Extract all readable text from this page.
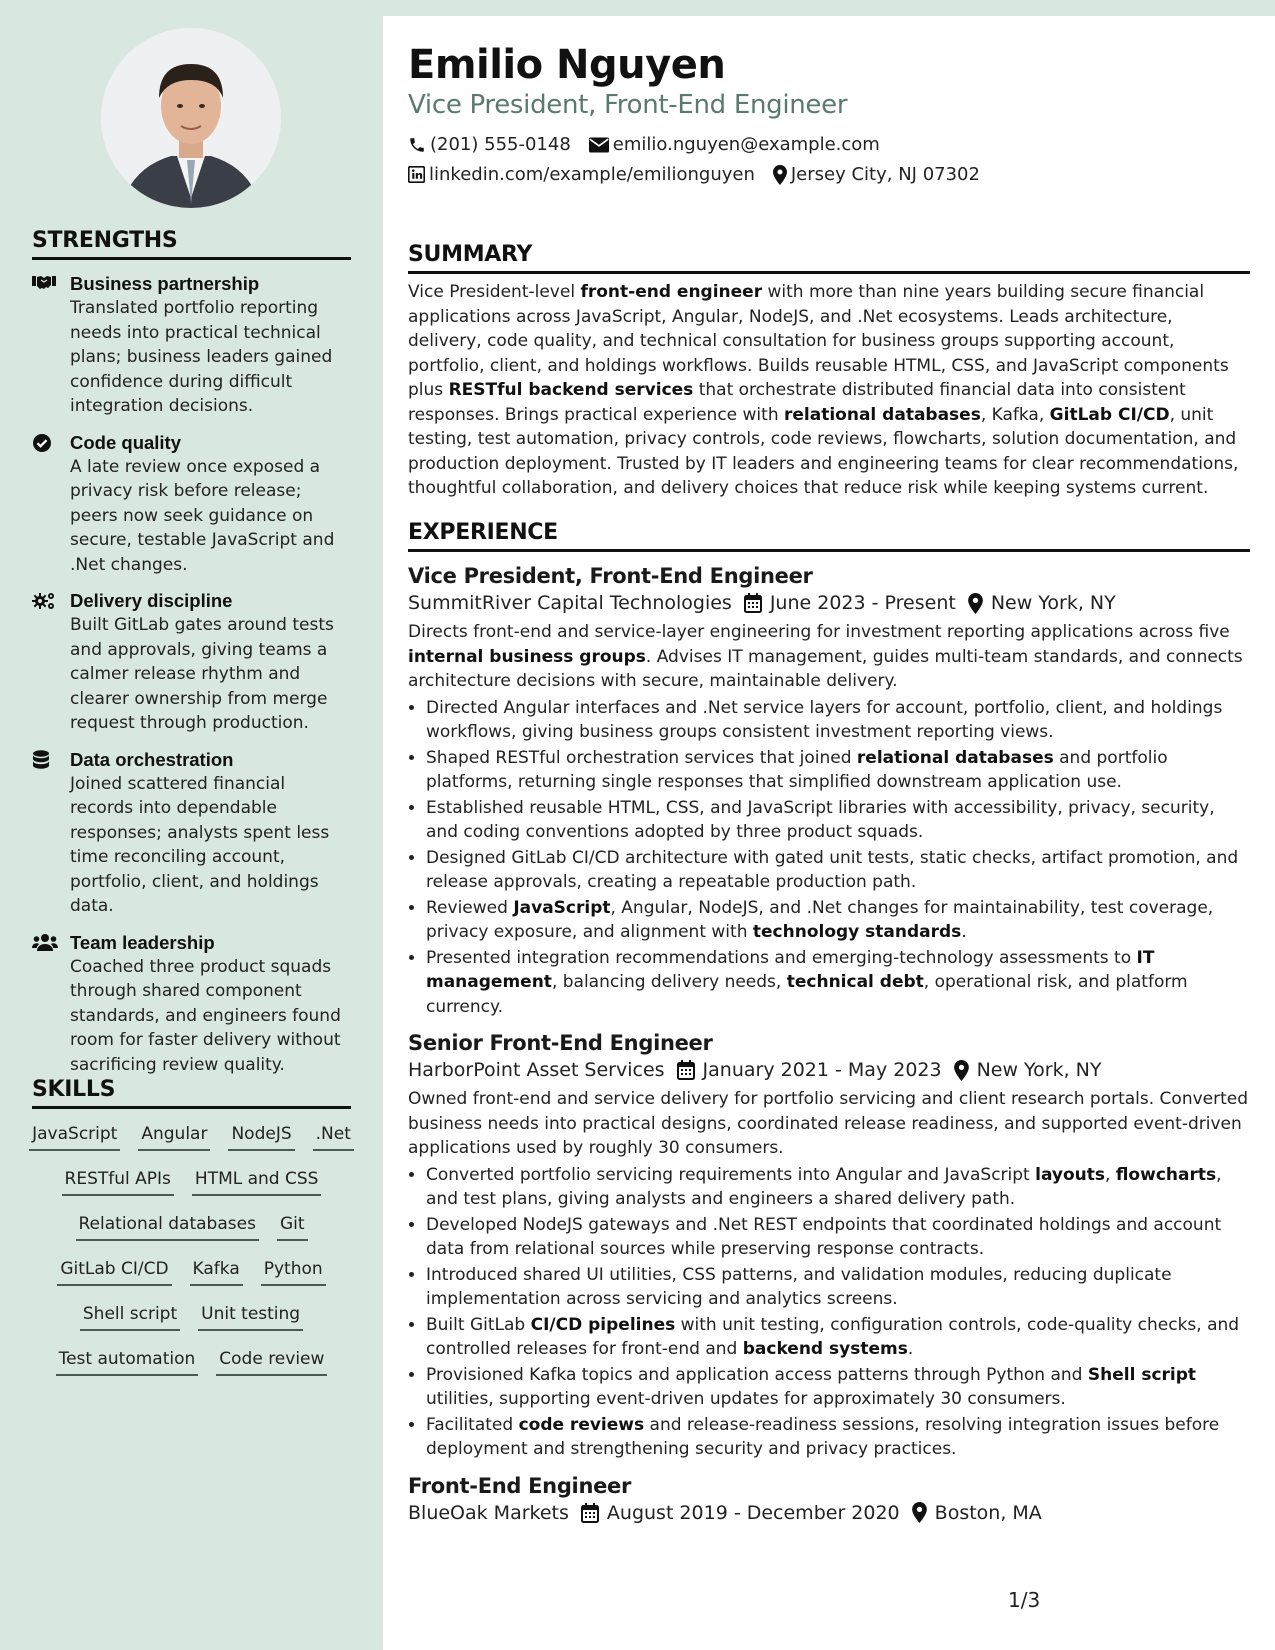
STRENGTHS
Business partnership
Translated portfolio reporting needs into practical technical plans; business leaders gained confidence during difficult integration decisions.
Code quality
A late review once exposed a privacy risk before release; peers now seek guidance on secure, testable JavaScript and .Net changes.
Delivery discipline
Built GitLab gates around tests and approvals, giving teams a calmer release rhythm and clearer ownership from merge request through production.
Data orchestration
Joined scattered financial records into dependable responses; analysts spent less time reconciling account, portfolio, client, and holdings data.
Team leadership
Coached three product squads through shared component standards, and engineers found room for faster delivery without sacrificing review quality.
SKILLS
JavaScript Angular NodeJS .Net
RESTful APIs HTML and CSS
Relational databases Git
GitLab CI/CD Kafka Python
Shell script Unit testing
Test automation Code review
Emilio Nguyen
Vice President, Front-End Engineer
(201) 555-0148 emilio.nguyen@example.com
linkedin.com/example/emilionguyen Jersey City, NJ 07302
SUMMARY

Vice President-level front-end engineer with more than nine years building secure financial applications across JavaScript, Angular, NodeJS, and .Net ecosystems. Leads architecture, delivery, code quality, and technical consultation for business groups supporting account, portfolio, client, and holdings workflows. Builds reusable HTML, CSS, and JavaScript components plus RESTful backend services that orchestrate distributed financial data into consistent responses. Brings practical experience with relational databases, Kafka, GitLab CI/CD, unit testing, test automation, privacy controls, code reviews, flowcharts, solution documentation, and production deployment. Trusted by IT leaders and engineering teams for clear recommendations, thoughtful collaboration, and delivery choices that reduce risk while keeping systems current.

EXPERIENCE
Vice President, Front-End Engineer
SummitRiver Capital Technologies June 2023 - Present New York, NY

Directs front-end and service-layer engineering for investment reporting applications across five internal business groups. Advises IT management, guides multi-team standards, and connects architecture decisions with secure, maintainable delivery.

• Directed Angular interfaces and .Net service layers for account, portfolio, client, and holdings workflows, giving business groups consistent investment reporting views.
• Shaped RESTful orchestration services that joined relational databases and portfolio platforms, returning single responses that simplified downstream application use.
• Established reusable HTML, CSS, and JavaScript libraries with accessibility, privacy, security, and coding conventions adopted by three product squads.
• Designed GitLab CI/CD architecture with gated unit tests, static checks, artifact promotion, and release approvals, creating a repeatable production path.
• Reviewed JavaScript, Angular, NodeJS, and .Net changes for maintainability, test coverage, privacy exposure, and alignment with technology standards.
• Presented integration recommendations and emerging-technology assessments to IT management, balancing delivery needs, technical debt, operational risk, and platform currency.
Senior Front-End Engineer
HarborPoint Asset Services January 2021 - May 2023 New York, NY

Owned front-end and service delivery for portfolio servicing and client research portals. Converted business needs into practical designs, coordinated release readiness, and supported event-driven applications used by roughly 30 consumers.

• Converted portfolio servicing requirements into Angular and JavaScript layouts, flowcharts, and test plans, giving analysts and engineers a shared delivery path.
• Developed NodeJS gateways and .Net REST endpoints that coordinated holdings and account data from relational sources while preserving response contracts.
• Introduced shared UI utilities, CSS patterns, and validation modules, reducing duplicate implementation across servicing and analytics screens.
• Built GitLab CI/CD pipelines with unit testing, configuration controls, code-quality checks, and controlled releases for front-end and backend systems.
• Provisioned Kafka topics and application access patterns through Python and Shell script utilities, supporting event-driven updates for approximately 30 consumers.
• Facilitated code reviews and release-readiness sessions, resolving integration issues before deployment and strengthening security and privacy practices.
Front-End Engineer
BlueOak Markets August 2019 - December 2020 Boston, MA
1/3
